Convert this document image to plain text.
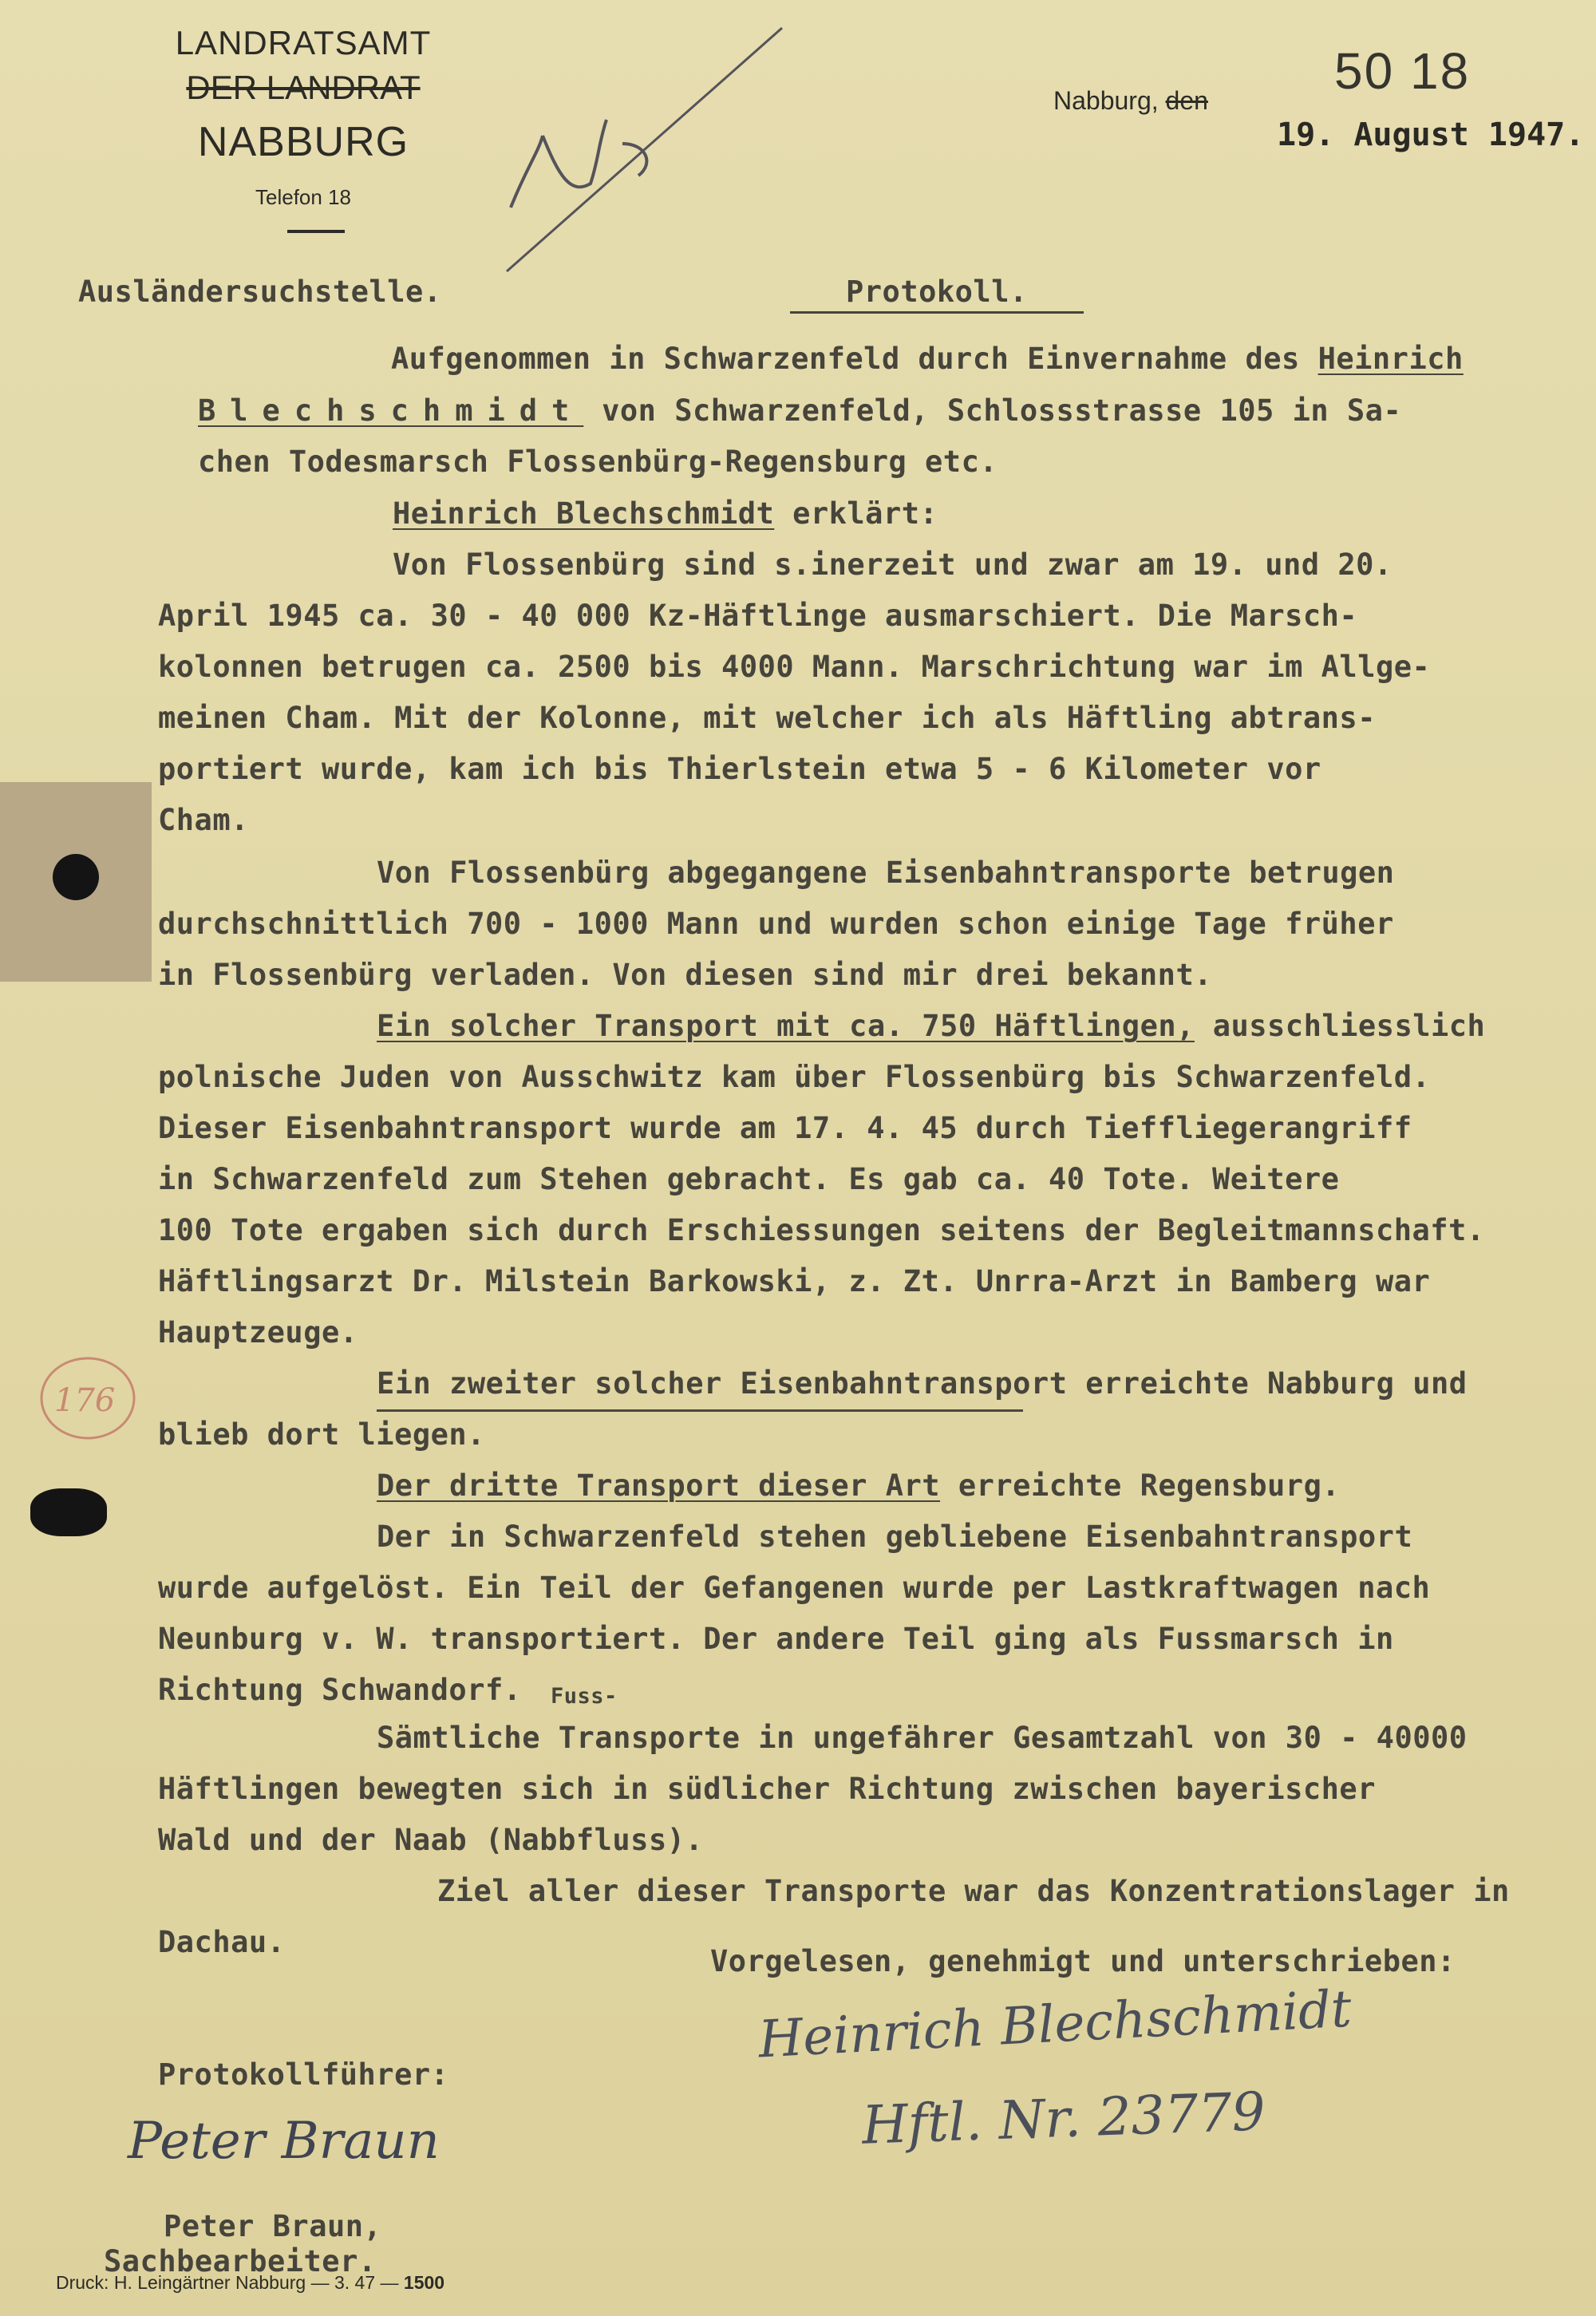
LANDRATSAMT
DER LANDRAT
NABBURG
Telefon 18
N
Nabburg, den
50 18
19. August 1947.
Ausländersuchstelle.	Protokoll.
Aufgenommen in Schwarzenfeld durch Einvernahme des Heinrich
Blechschmidt von Schwarzenfeld, Schlossstrasse 105 in Sa-
chen Todesmarsch Flossenbürg-Regensburg etc.
Heinrich Blechschmidt erklärt:
Von Flossenbürg sind s.inerzeit und zwar am 19. und 20.
April 1945 ca. 30 - 40 000 Kz-Häftlinge ausmarschiert. Die Marsch-
kolonnen betrugen ca. 2500 bis 4000 Mann. Marschrichtung war im Allge-
meinen Cham. Mit der Kolonne, mit welcher ich als Häftling abtrans-
portiert wurde, kam ich bis Thierlstein etwa 5 - 6 Kilometer vor
Cham.
Von Flossenbürg abgegangene Eisenbahntransporte betrugen
durchschnittlich 700 - 1000 Mann und wurden schon einige Tage früher
in Flossenbürg verladen. Von diesen sind mir drei bekannt.
Ein solcher Transport mit ca. 750 Häftlingen, ausschliesslich
polnische Juden von Ausschwitz kam über Flossenbürg bis Schwarzenfeld.
Dieser Eisenbahntransport wurde am 17. 4. 45 durch Tieffliegerangriff
in Schwarzenfeld zum Stehen gebracht. Es gab ca. 40 Tote. Weitere
100 Tote ergaben sich durch Erschiessungen seitens der Begleitmannschaft.
Häftlingsarzt Dr. Milstein Barkowski, z. Zt. Unrra-Arzt in Bamberg war
Hauptzeuge.
176	Ein zweiter solcher Eisenbahntransport erreichte Nabburg und
blieb dort liegen.
Der dritte Transport dieser Art erreichte Regensburg.
Der in Schwarzenfeld stehen gebliebene Eisenbahntransport
wurde aufgelöst. Ein Teil der Gefangenen wurde per Lastkraftwagen nach
Neunburg v. W. transportiert. Der andere Teil ging als Fussmarsch in
Richtung Schwandorf. Fuss-
Sämtliche Transporte in ungefährer Gesamtzahl von 30 - 40000
Häftlingen bewegten sich in südlicher Richtung zwischen bayerischer
Wald und der Naab (Nabbfluss).
Ziel aller dieser Transporte war das Konzentrationslager in
Dachau.
Vorgelesen, genehmigt und unterschrieben:
Heinrich Blechschmidt
Hftl. Nr. 23779
Protokollführer:
Peter Braun
Peter Braun,
Sachbearbeiter.
Druck: H. Leingärtner Nabburg — 3. 47 — 1500
